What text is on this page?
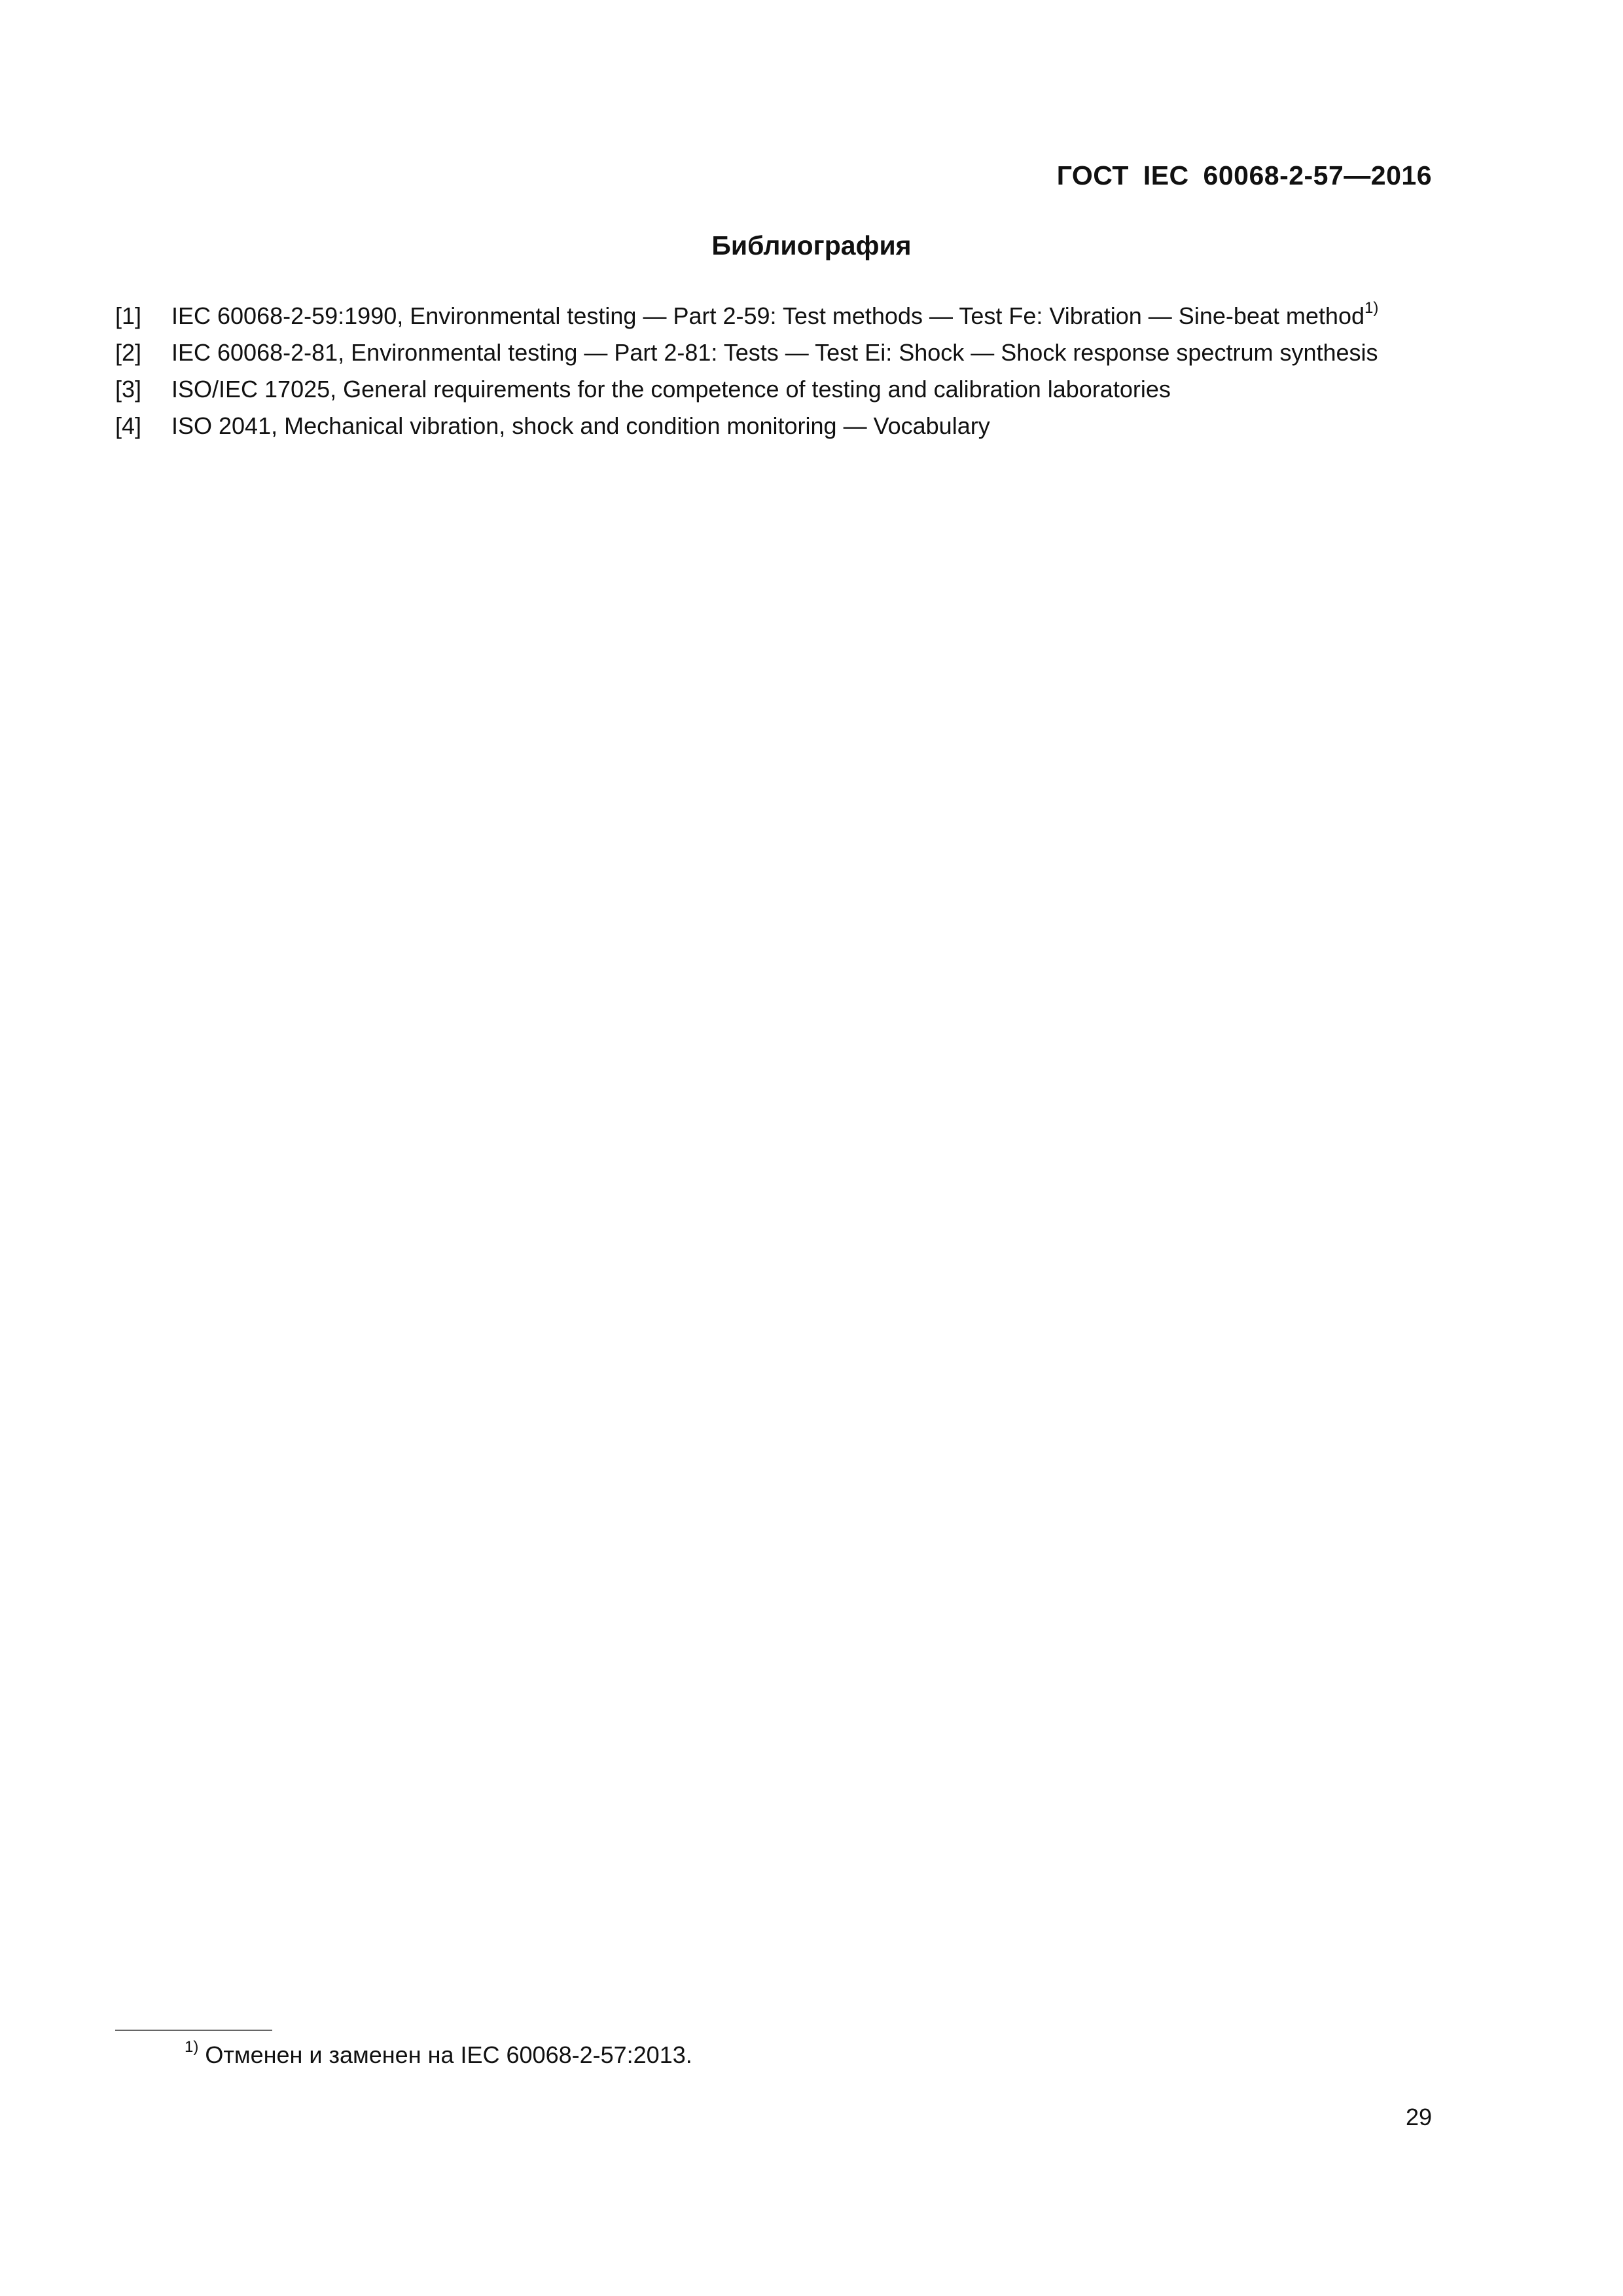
ГОСТ IEC 60068-2-57—2016
Библиография
[1] IEC 60068-2-59:1990, Environmental testing — Part 2-59: Test methods — Test Fe: Vibration — Sine-beat method$^{1)}$
[2] IEC 60068-2-81, Environmental testing — Part 2-81: Tests — Test Ei: Shock — Shock response spectrum synthesis
[3] ISO/IEC 17025, General requirements for the competence of testing and calibration laboratories
[4] ISO 2041, Mechanical vibration, shock and condition monitoring — Vocabulary
$^{1)}$ Отменен и заменен на IEC 60068-2-57:2013.
29
